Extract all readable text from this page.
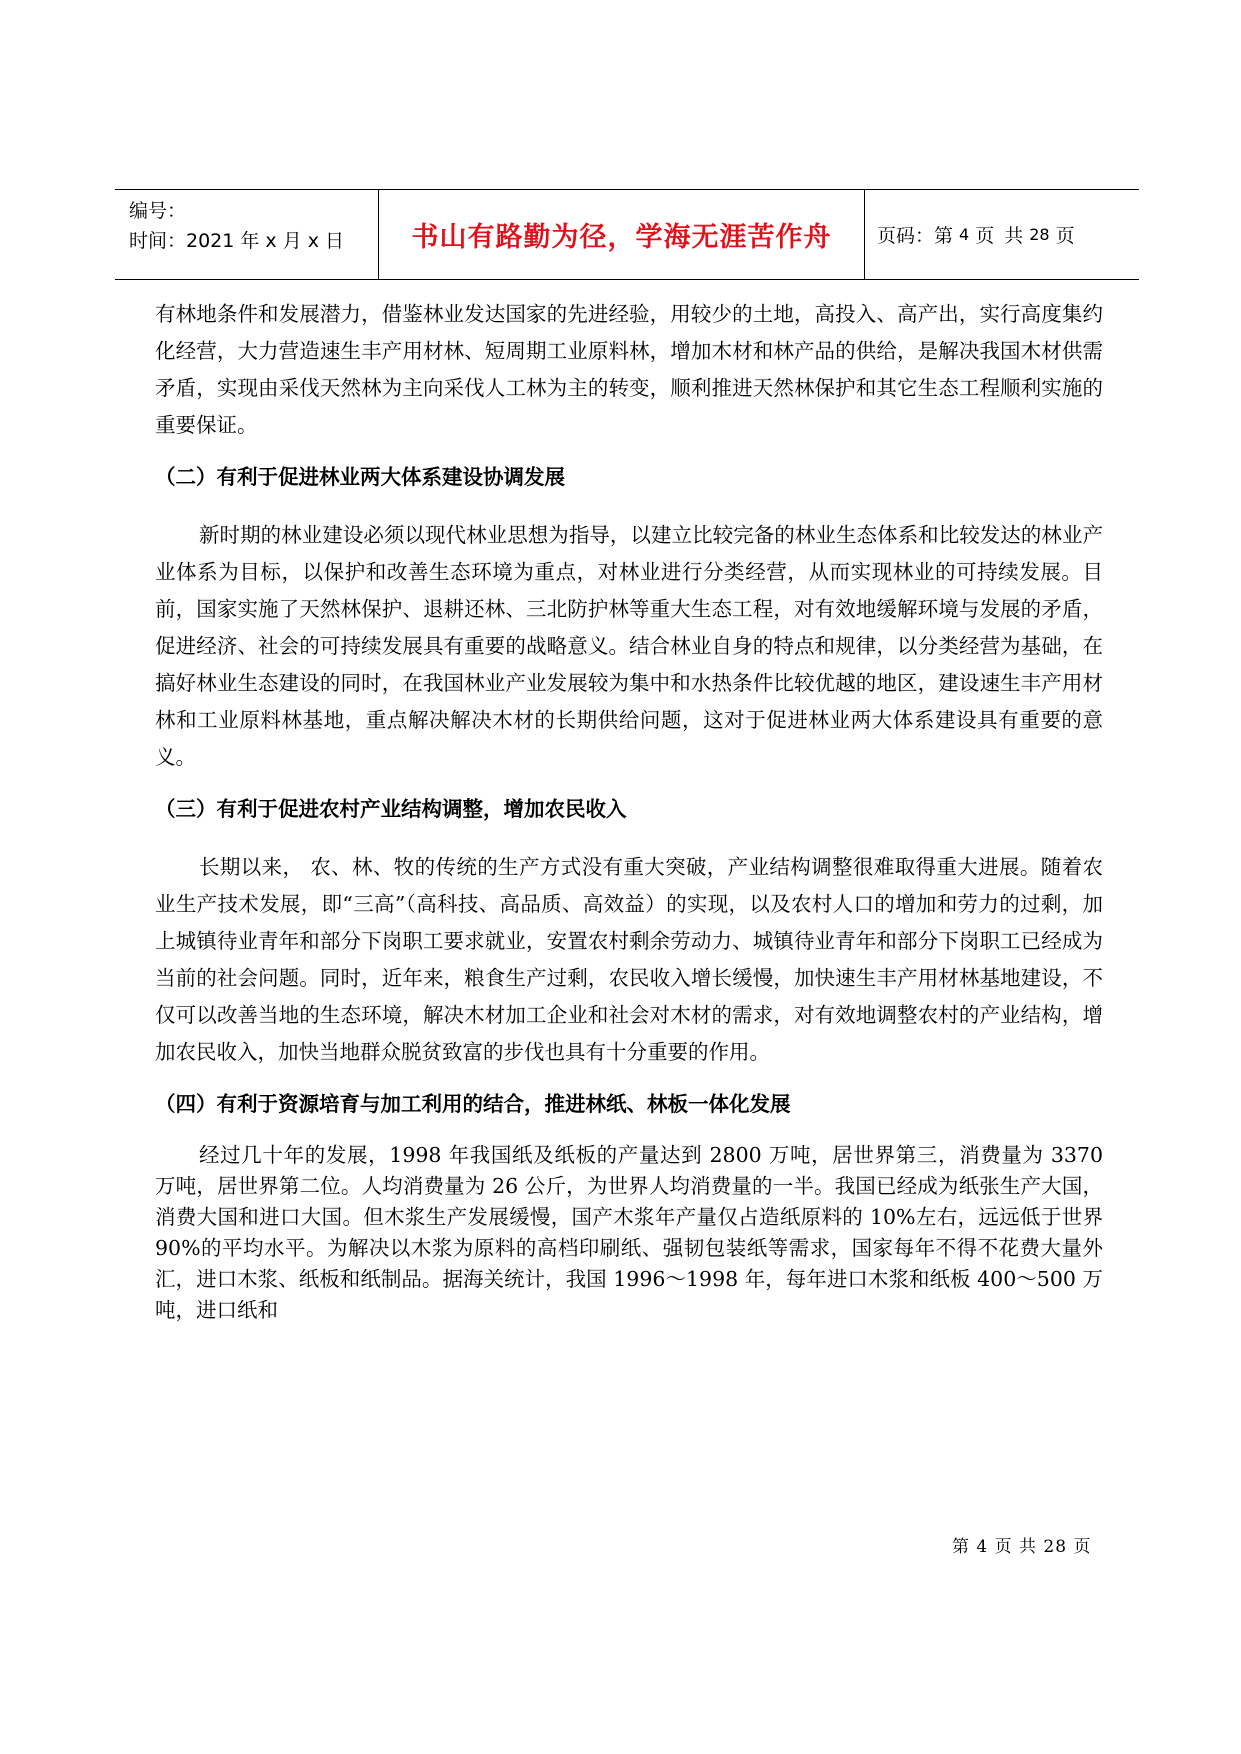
编号：
时间：2021 年 x 月 x 日	书山有路勤为径，学海无涯苦作舟	页码：第 4 页 共 28 页

有林地条件和发展潜力，借鉴林业发达国家的先进经验，用较少的土地，高投入、高产出，实行高度集约化经营，大力营造速生丰产用材林、短周期工业原料林，增加木材和林产品的供给，是解决我国木材供需矛盾，实现由采伐天然林为主向采伐人工林为主的转变，顺利推进天然林保护和其它生态工程顺利实施的重要保证。

（二）有利于促进林业两大体系建设协调发展

新时期的林业建设必须以现代林业思想为指导，以建立比较完备的林业生态体系和比较发达的林业产业体系为目标，以保护和改善生态环境为重点，对林业进行分类经营，从而实现林业的可持续发展。目前，国家实施了天然林保护、退耕还林、三北防护林等重大生态工程，对有效地缓解环境与发展的矛盾，促进经济、社会的可持续发展具有重要的战略意义。结合林业自身的特点和规律，以分类经营为基础，在搞好林业生态建设的同时，在我国林业产业发展较为集中和水热条件比较优越的地区，建设速生丰产用材林和工业原料林基地，重点解决解决木材的长期供给问题，这对于促进林业两大体系建设具有重要的意义。

（三）有利于促进农村产业结构调整，增加农民收入

长期以来， 农、林、牧的传统的生产方式没有重大突破，产业结构调整很难取得重大进展。随着农业生产技术发展，即“三高”（高科技、高品质、高效益）的实现，以及农村人口的增加和劳力的过剩，加上城镇待业青年和部分下岗职工要求就业，安置农村剩余劳动力、城镇待业青年和部分下岗职工已经成为当前的社会问题。同时，近年来，粮食生产过剩，农民收入增长缓慢，加快速生丰产用材林基地建设，不仅可以改善当地的生态环境，解决木材加工企业和社会对木材的需求，对有效地调整农村的产业结构，增加农民收入，加快当地群众脱贫致富的步伐也具有十分重要的作用。

（四）有利于资源培育与加工利用的结合，推进林纸、林板一体化发展

经过几十年的发展，1998 年我国纸及纸板的产量达到 2800 万吨，居世界第三，消费量为 3370 万吨，居世界第二位。人均消费量为 26 公斤，为世界人均消费量的一半。我国已经成为纸张生产大国，消费大国和进口大国。但木浆生产发展缓慢，国产木浆年产量仅占造纸原料的 10%左右，远远低于世界 90%的平均水平。为解决以木浆为原料的高档印刷纸、强韧包装纸等需求，国家每年不得不花费大量外汇，进口木浆、纸板和纸制品。据海关统计，我国 1996～1998 年，每年进口木浆和纸板 400～500 万吨，进口纸和

第 4 页 共 28 页
